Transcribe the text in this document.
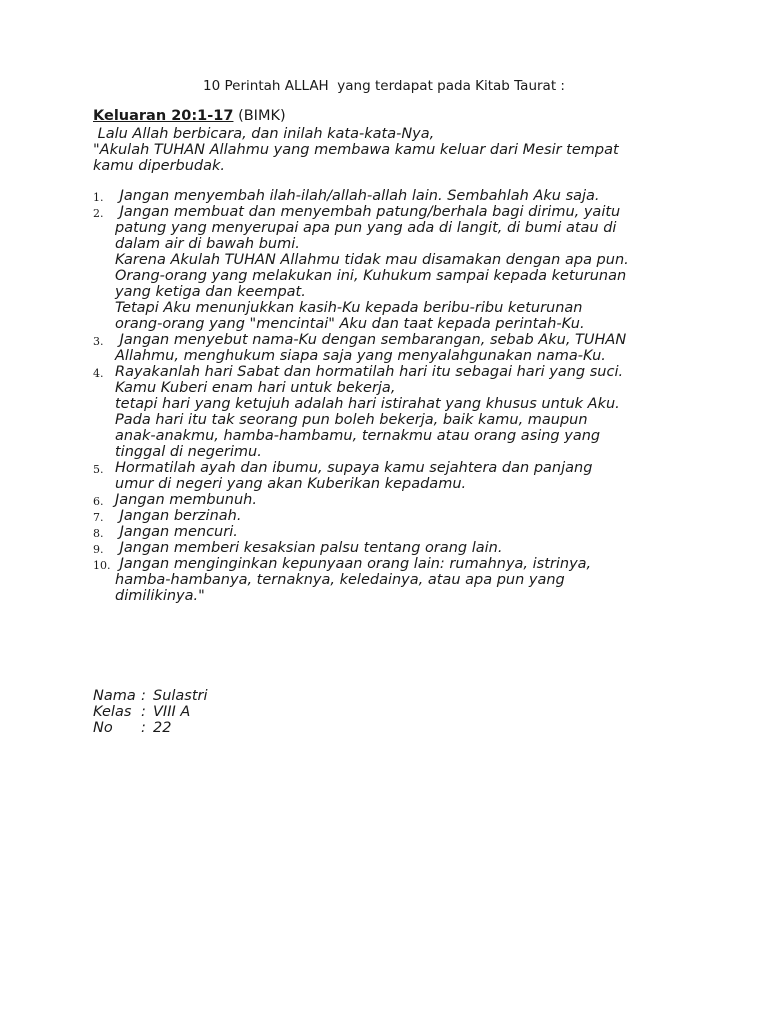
10 Perintah ALLAH  yang terdapat pada Kitab Taurat :
Keluaran 20:1-17 (BIMK)
Lalu Allah berbicara, dan inilah kata-kata-Nya,
"Akulah TUHAN Allahmu yang membawa kamu keluar dari Mesir tempat
kamu diperbudak.
1. Jangan menyembah ilah-ilah/allah-allah lain. Sembahlah Aku saja.
2. Jangan membuat dan menyembah patung/berhala bagi dirimu, yaitu
patung yang menyerupai apa pun yang ada di langit, di bumi atau di
dalam air di bawah bumi.
Karena Akulah TUHAN Allahmu tidak mau disamakan dengan apa pun.
Orang-orang yang melakukan ini, Kuhukum sampai kepada keturunan
yang ketiga dan keempat.
Tetapi Aku menunjukkan kasih-Ku kepada beribu-ribu keturunan
orang-orang yang "mencintai" Aku dan taat kepada perintah-Ku.
3. Jangan menyebut nama-Ku dengan sembarangan, sebab Aku, TUHAN
Allahmu, menghukum siapa saja yang menyalahgunakan nama-Ku.
4. Rayakanlah hari Sabat dan hormatilah hari itu sebagai hari yang suci.
Kamu Kuberi enam hari untuk bekerja,
tetapi hari yang ketujuh adalah hari istirahat yang khusus untuk Aku.
Pada hari itu tak seorang pun boleh bekerja, baik kamu, maupun
anak-anakmu, hamba-hambamu, ternakmu atau orang asing yang
tinggal di negerimu.
5. Hormatilah ayah dan ibumu, supaya kamu sejahtera dan panjang
umur di negeri yang akan Kuberikan kepadamu.
6. Jangan membunuh.
7. Jangan berzinah.
8. Jangan mencuri.
9. Jangan memberi kesaksian palsu tentang orang lain.
10. Jangan menginginkan kepunyaan orang lain: rumahnya, istrinya,
hamba-hambanya, ternaknya, keledainya, atau apa pun yang
dimilikinya."
Nama : Sulastri
Kelas : VIII A
No	: 22
